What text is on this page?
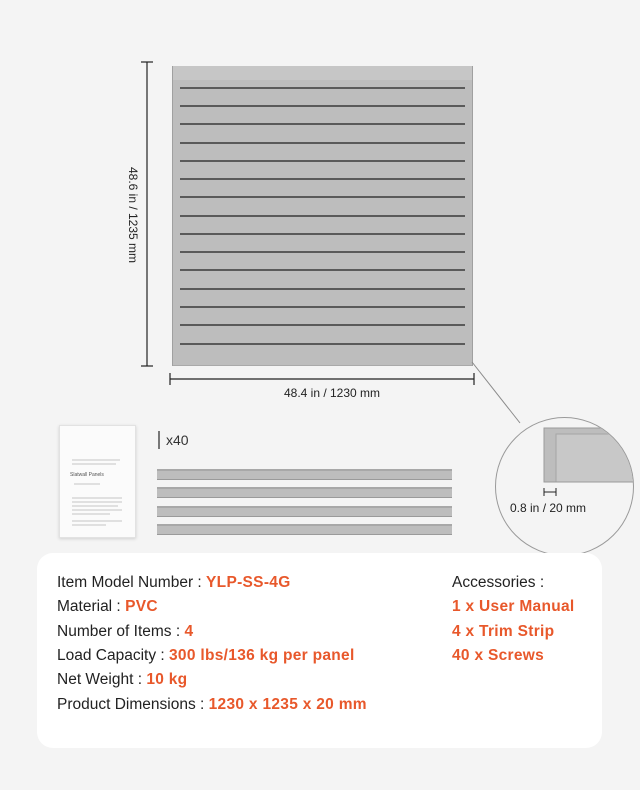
48.6 in / 1235 mm
48.4 in / 1230 mm
Slatwall Panels
x40
0.8 in / 20 mm
Item Model Number : YLP-SS-4G
Material : PVC
Number of Items : 4
Load Capacity : 300 lbs/136 kg per panel
Net Weight : 10 kg
Product Dimensions : 1230 x 1235 x 20 mm
Accessories :
1 x User Manual
4 x Trim Strip
40 x Screws
